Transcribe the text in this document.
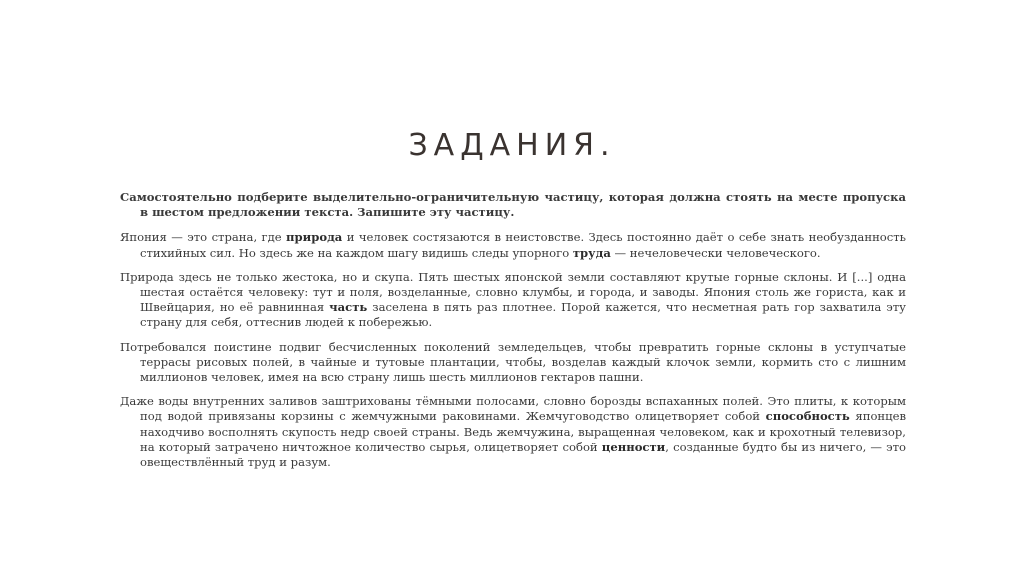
ЗАДАНИЯ.

Самостоятельно подберите выделительно-ограничительную частицу, которая должна стоять на месте пропуска в шестом предложении текста. Запишите эту частицу.

Япония — это страна, где природа и человек состязаются в неистовстве. Здесь постоянно даёт о себе знать необузданность стихийных сил. Но здесь же на каждом шагу видишь следы упорного труда — нечеловечески человеческого.

Природа здесь не только жестока, но и скупа. Пять шестых японской земли составляют крутые горные склоны. И [...] одна шестая остаётся человеку: тут и поля, возделанные, словно клумбы, и города, и заводы. Япония столь же гориста, как и Швейцария, но её равнинная часть заселена в пять раз плотнее. Порой кажется, что несметная рать гор захватила эту страну для себя, оттеснив людей к побережью.

Потребовался поистине подвиг бесчисленных поколений земледельцев, чтобы превратить горные склоны в уступчатые террасы рисовых полей, в чайные и тутовые плантации, чтобы, возделав каждый клочок земли, кормить сто с лишним миллионов человек, имея на всю страну лишь шесть миллионов гектаров пашни.

Даже воды внутренних заливов заштрихованы тёмными полосами, словно борозды вспаханных полей. Это плиты, к которым под водой привязаны корзины с жемчужными раковинами. Жемчуговодство олицетворяет собой способность японцев находчиво восполнять скупость недр своей страны. Ведь жемчужина, выращенная человеком, как и крохотный телевизор, на который затрачено ничтожное количество сырья, олицетворяет собой ценности, созданные будто бы из ничего, — это овеществлённый труд и разум.
